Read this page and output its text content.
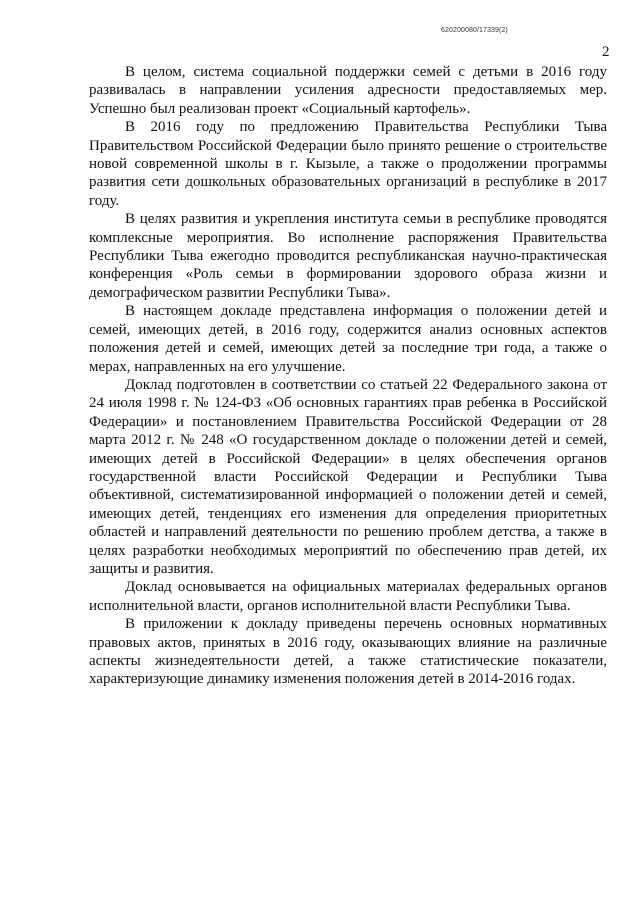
620200080/17339(2)
2

В целом, система социальной поддержки семей с детьми в 2016 году развивалась в направлении усиления адресности предоставляемых мер. Успешно был реализован проект «Социальный картофель».

В 2016 году по предложению Правительства Республики Тыва Правительством Российской Федерации было принято решение о строительстве новой современной школы в г. Кызыле, а также о продолжении программы развития сети дошкольных образовательных организаций в республике в 2017 году.

В целях развития и укрепления института семьи в республике проводятся комплексные мероприятия. Во исполнение распоряжения Правительства Республики Тыва ежегодно проводится республиканская научно-практическая конференция «Роль семьи в формировании здорового образа жизни и демографическом развитии Республики Тыва».

В настоящем докладе представлена информация о положении детей и семей, имеющих детей, в 2016 году, содержится анализ основных аспектов положения детей и семей, имеющих детей за последние три года, а также о мерах, направленных на его улучшение.

Доклад подготовлен в соответствии со статьей 22 Федерального закона от 24 июля 1998 г. № 124-ФЗ «Об основных гарантиях прав ребенка в Российской Федерации» и постановлением Правительства Российской Федерации от 28 марта 2012 г. № 248 «О государственном докладе о положении детей и семей, имеющих детей в Российской Федерации» в целях обеспечения органов государственной власти Российской Федерации и Республики Тыва объективной, систематизированной информацией о положении детей и семей, имеющих детей, тенденциях его изменения для определения приоритетных областей и направлений деятельности по решению проблем детства, а также в целях разработки необходимых мероприятий по обеспечению прав детей, их защиты и развития.

Доклад основывается на официальных материалах федеральных органов исполнительной власти, органов исполнительной власти Республики Тыва.

В приложении к докладу приведены перечень основных нормативных правовых актов, принятых в 2016 году, оказывающих влияние на различные аспекты жизнедеятельности детей, а также статистические показатели, характеризующие динамику изменения положения детей в 2014-2016 годах.
